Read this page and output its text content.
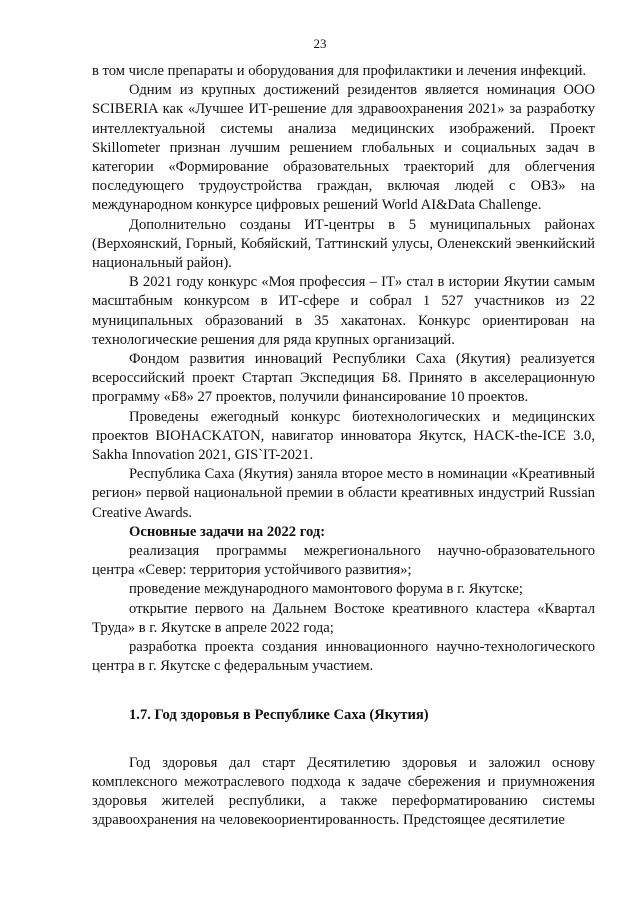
23

в том числе препараты и оборудования для профилактики и лечения инфекций.

Одним из крупных достижений резидентов является номинация ООО SCIBERIA как «Лучшее ИТ-решение для здравоохранения 2021» за разработку интеллектуальной системы анализа медицинских изображений. Проект Skillometer признан лучшим решением глобальных и социальных задач в категории «Формирование образовательных траекторий для облегчения последующего трудоустройства граждан, включая людей с ОВЗ» на международном конкурсе цифровых решений World AI&Data Challenge.

Дополнительно созданы ИТ-центры в 5 муниципальных районах (Верхоянский, Горный, Кобяйский, Таттинский улусы, Оленекский эвенкийский национальный район).

В 2021 году конкурс «Моя профессия – IT» стал в истории Якутии самым масштабным конкурсом в ИТ-сфере и собрал 1 527 участников из 22 муниципальных образований в 35 хакатонах. Конкурс ориентирован на технологические решения для ряда крупных организаций.

Фондом развития инноваций Республики Саха (Якутия) реализуется всероссийский проект Стартап Экспедиция Б8. Принято в акселерационную программу «Б8» 27 проектов, получили финансирование 10 проектов.

Проведены ежегодный конкурс биотехнологических и медицинских проектов BIOHACKATON, навигатор инноватора Якутск, HACK-the-ICE 3.0, Sakha Innovation 2021, GIS`IT-2021.

Республика Саха (Якутия) заняла второе место в номинации «Креативный регион» первой национальной премии в области креативных индустрий Russian Creative Awards.

Основные задачи на 2022 год:

реализация программы межрегионального научно-образовательного центра «Север: территория устойчивого развития»;

проведение международного мамонтового форума в г. Якутске;

открытие первого на Дальнем Востоке креативного кластера «Квартал Труда» в г. Якутске в апреле 2022 года;

разработка проекта создания инновационного научно-технологического центра в г. Якутске с федеральным участием.

1.7. Год здоровья в Республике Саха (Якутия)

Год здоровья дал старт Десятилетию здоровья и заложил основу комплексного межотраслевого подхода к задаче сбережения и приумножения здоровья жителей республики, а также переформатированию системы здравоохранения на человекоориентированность. Предстоящее десятилетие
